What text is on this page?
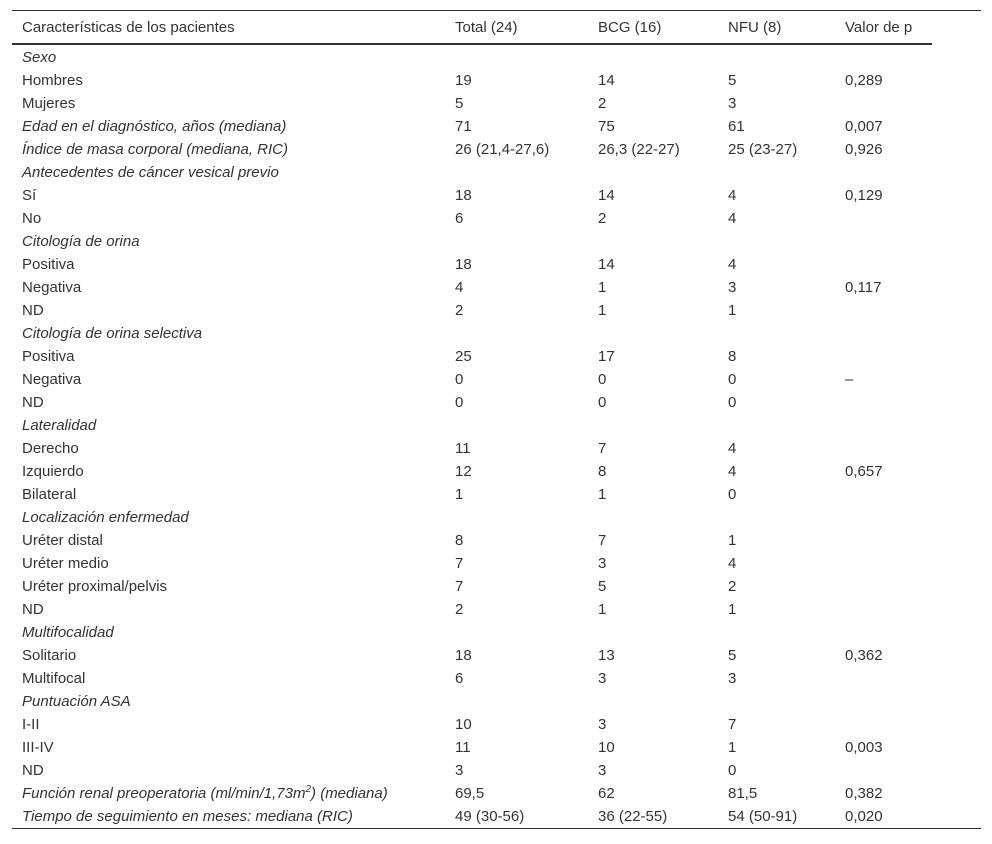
Características de los pacientes	Total (24)	BCG (16)	NFU (8)	Valor de p
Sexo				
Hombres	19	14	5	0,289
Mujeres	5	2	3	
Edad en el diagnóstico, años (mediana)	71	75	61	0,007
Índice de masa corporal (mediana, RIC)	26 (21,4-27,6)	26,3 (22-27)	25 (23-27)	0,926
Antecedentes de cáncer vesical previo				
Sí	18	14	4	0,129
No	6	2	4	
Citología de orina				
Positiva	18	14	4	
Negativa	4	1	3	0,117
ND	2	1	1	
Citología de orina selectiva				
Positiva	25	17	8	
Negativa	0	0	0	–
ND	0	0	0	
Lateralidad				
Derecho	11	7	4	
Izquierdo	12	8	4	0,657
Bilateral	1	1	0	
Localización enfermedad				
Uréter distal	8	7	1	
Uréter medio	7	3	4	
Uréter proximal/pelvis	7	5	2	
ND	2	1	1	
Multifocalidad				
Solitario	18	13	5	0,362
Multifocal	6	3	3	
Puntuación ASA				
I-II	10	3	7	
III-IV	11	10	1	0,003
ND	3	3	0	
Función renal preoperatoria $(ml/\min/1,73m^2)$ (mediana)	69,5	62	81,5	0,382
Tiempo de seguimiento en meses: mediana (RIC)	49 (30-56)	36 (22-55)	54 (50-91)	0,020
